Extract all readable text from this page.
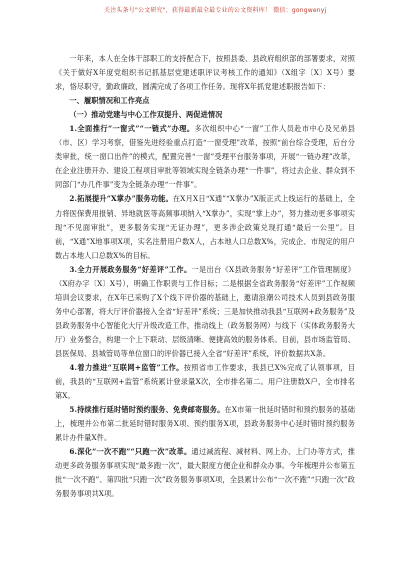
关注头条号"公文研究"，获得最新最全最专业的公文资料库！ 微信：gongwenyj

一年来，本人在全体干部职工的支持配合下，按照县委、县政府组织部的部署要求，对照《关于做好X年度党组织书记抓基层党建述职评议考核工作的通知》（X组字〔X〕X号）要求，恪尽职守，勤政廉政，圆满完成了各项工作任务。现将X年抓党建述职报告如下：

一、履职情况和工作亮点

（一）推动党建与中心工作双提升、两促进情况

1.全面推行“一窗式”“一链式”办理。多次组织中心“一窗”工作人员赴市中心及兄弟县（市、区）学习考察，借鉴先进经验重点打造“一窗受理”改革，按照“前台综合受理，后台分类审批，统一窗口出件”的模式，配置完善“一窗”受理平台服务事项，开展“一链办理”改革，在企业注册开办、建设工程项目审批等领域实现全链条办理“一件事”，将过去企业、群众到不同部门“办几件事”变为全链条办理“一件事”。

2.拓展提升“X掌办”服务功能。在X月X日“X通”“X掌办”X版正式上线运行的基础上，全力将医保费用报销、异地就医等高频事项纳入“X掌办”，实现“掌上办”，努力推动更多事项实现“不见面审批”，更多服务实现“无证办理”，更多涉企政策兑现打通“最后一公里”。目前，“X通”X地事项X项，实名注册用户数X人，占本地人口总数X%，完成企、市现定的用户数占本地人口总数X%的目标。

3.全力开展政务服务“好差评”工作。一是出台《X县政务服务“好差评”工作管理制度》（X府办字〔X〕X号），明确工作职责与工作目标；二是根据全省政务服务“好差评”工作视频培训会议要求，在X年已采购了X个线下评价器的基础上，邀请浪潮公司技术人员到县政务服务中心部署，将大厅评价器接入全省“好差评”系统；三是加快推动我县“互联网+政务服务”及县政务服务中心智能化大厅升级改造工作，推动线上（政务服务网）与线下（实体政务服务大厅）业务整合，构建一个上下联动、层级清晰、便捷高效的服务体系。目前，县市场监管局、县医保局、县城管局等单位窗口的评价器已接入全省“好差评”系统，评价数据共X条。

4.着力推进“互联网+监管”工作。按照省市工作要求，我县已X%完成了认领事项，目前，我县的“互联网+监管”系统累计登录量X次，全市排名第二。用户注册数X户，全市排名第X。

5.持续推行延时错时预约服务、免费邮寄服务。在X市第一批延时错时和预约服务的基础上，梳理并公布第二批延时错时服务X项、预约服务X项，县政务服务中心延时错时预约服务累计办件量X件。

6.深化“一次不跑”“只跑一次”改革。通过减流程、减材料、网上办、上门办等方式，推动更多政务服务事项实现“最多跑一次”，最大限度方便企业和群众办事。今年梳理并公布第五批“一次不跑”、第四批“只跑一次”政务服务事项X项，全县累计公布“一次不跑”“只跑一次”政务服务事项共X项。
